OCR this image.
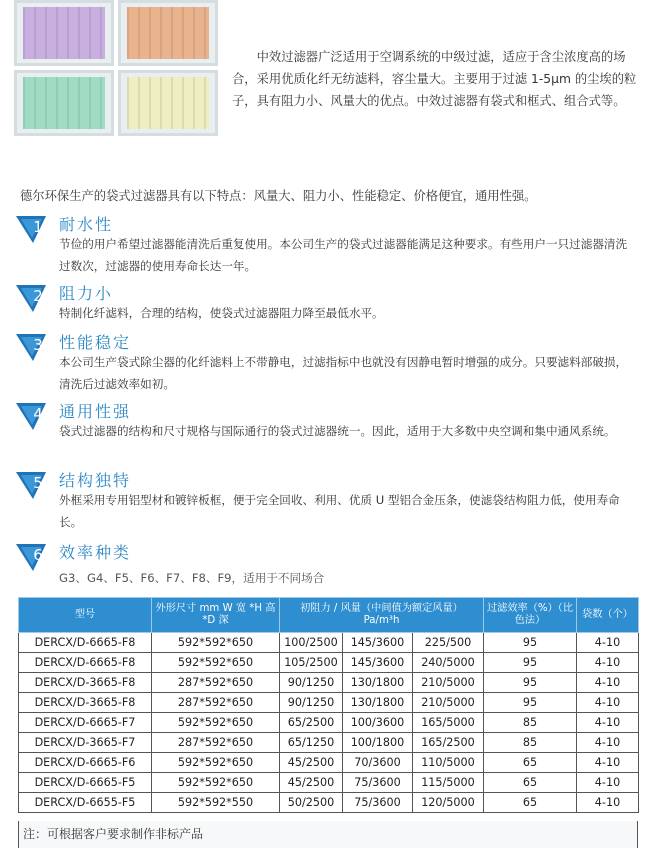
中效过滤器广泛适用于空调系统的中级过滤，适应于含尘浓度高的场合，采用优质化纤无纺滤料，容尘量大。主要用于过滤 1-5μm 的尘埃的粒子，具有阻力小、风量大的优点。中效过滤器有袋式和框式、组合式等。
德尔环保生产的袋式过滤器具有以下特点：风量大、阻力小、性能稳定、价格便宜，通用性强。
1	耐水性
节俭的用户希望过滤器能清洗后重复使用。本公司生产的袋式过滤器能满足这种要求。有些用户一只过滤器清洗过数次，过滤器的使用寿命长达一年。
2	阻力小
特制化纤滤料，合理的结构，使袋式过滤器阻力降至最低水平。
3	性能稳定
本公司生产袋式除尘器的化纤滤料上不带静电，过滤指标中也就没有因静电暂时增强的成分。只要滤料部破损，清洗后过滤效率如初。
4	通用性强
袋式过滤器的结构和尺寸规格与国际通行的袋式过滤器统一。因此，适用于大多数中央空调和集中通风系统。
5	结构独特
外框采用专用铝型材和镀锌板框，便于完全回收、利用、优质 U 型铝合金压条，使滤袋结构阻力低，使用寿命长。
6	效率种类
G3、G4、F5、F6、F7、F8、F9，适用于不同场合
型号	外形尺寸 mm W 宽 *H 高 *D 深	初阻力 / 风量（中间值为额定风量） Pa/m³h			过滤效率（%）（比色法）	袋数（个）
DERCX/D-6665-F8	592*592*650	100/2500	145/3600	225/500	95	4-10
DERCX/D-6665-F8	592*592*650	105/2500	145/3600	240/5000	95	4-10
DERCX/D-3665-F8	287*592*650	90/1250	130/1800	210/5000	95	4-10
DERCX/D-3665-F8	287*592*650	90/1250	130/1800	210/5000	95	4-10
DERCX/D-6665-F7	592*592*650	65/2500	100/3600	165/5000	85	4-10
DERCX/D-3665-F7	287*592*650	65/1250	100/1800	165/2500	85	4-10
DERCX/D-6665-F6	592*592*650	45/2500	70/3600	110/5000	65	4-10
DERCX/D-6665-F5	592*592*650	45/2500	75/3600	115/5000	65	4-10
DERCX/D-6655-F5	592*592*550	50/2500	75/3600	120/5000	65	4-10
注：可根据客户要求制作非标产品
